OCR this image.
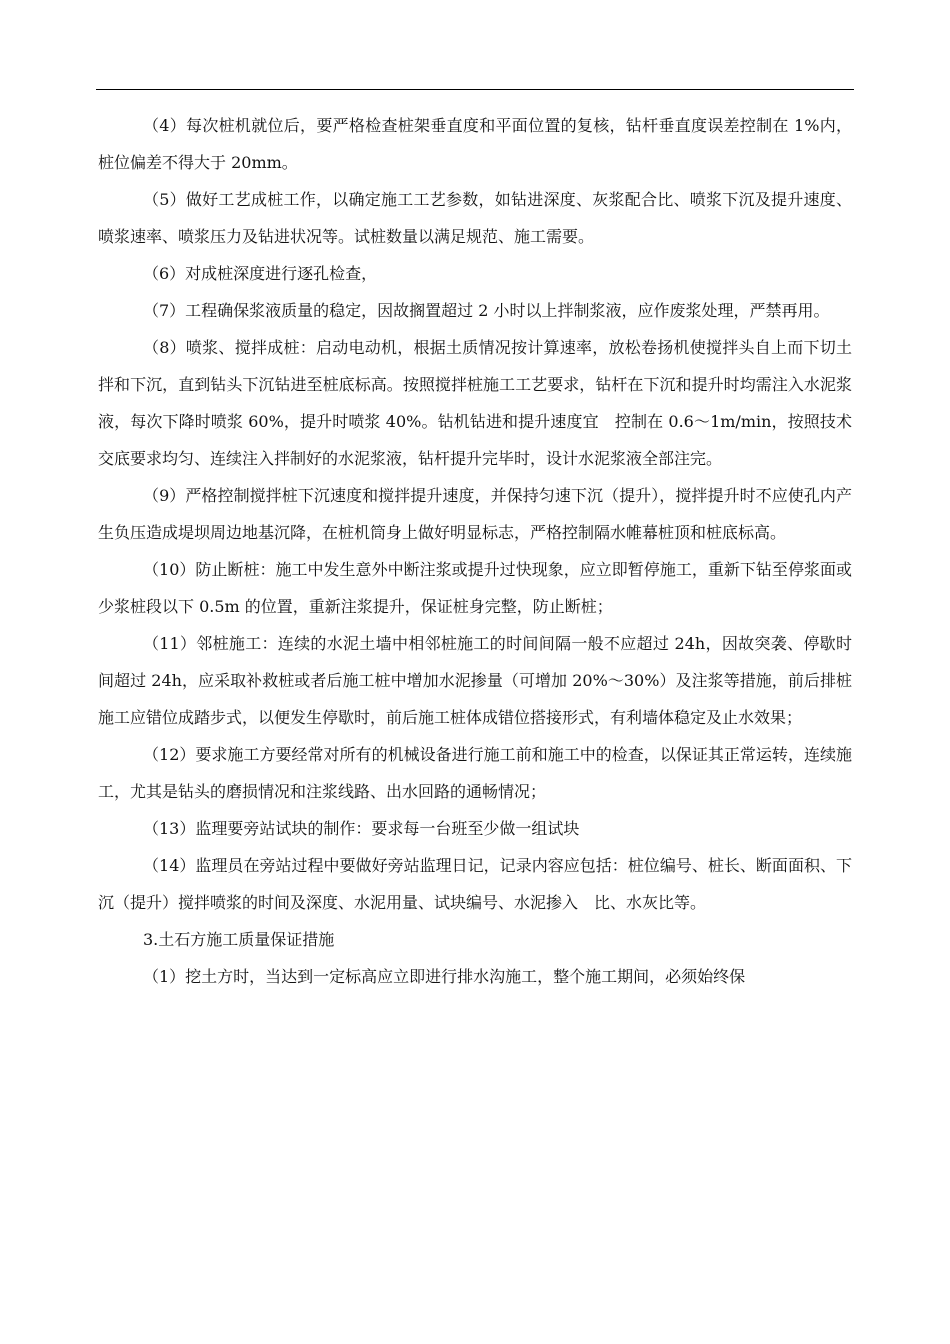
（4）每次桩机就位后，要严格检查桩架垂直度和平面位置的复核，钻杆垂直度误差控制在 1%内，桩位偏差不得大于 20mm。

（5）做好工艺成桩工作，以确定施工工艺参数，如钻进深度、灰浆配合比、喷浆下沉及提升速度、喷浆速率、喷浆压力及钻进状况等。试桩数量以满足规范、施工需要。

（6）对成桩深度进行逐孔检查，

（7）工程确保浆液质量的稳定，因故搁置超过 2 小时以上拌制浆液，应作废浆处理，严禁再用。

（8）喷浆、搅拌成桩：启动电动机，根据土质情况按计算速率，放松卷扬机使搅拌头自上而下切土拌和下沉，直到钻头下沉钻进至桩底标高。按照搅拌桩施工工艺要求，钻杆在下沉和提升时均需注入水泥浆液，每次下降时喷浆 60%，提升时喷浆 40%。钻机钻进和提升速度宜　控制在 0.6～1m/min，按照技术交底要求均匀、连续注入拌制好的水泥浆液，钻杆提升完毕时，设计水泥浆液全部注完。

（9）严格控制搅拌桩下沉速度和搅拌提升速度，并保持匀速下沉（提升），搅拌提升时不应使孔内产生负压造成堤坝周边地基沉降，在桩机筒身上做好明显标志，严格控制隔水帷幕桩顶和桩底标高。

（10）防止断桩：施工中发生意外中断注浆或提升过快现象，应立即暂停施工，重新下钻至停浆面或少浆桩段以下 0.5m 的位置，重新注浆提升，保证桩身完整，防止断桩；

（11）邻桩施工：连续的水泥土墙中相邻桩施工的时间间隔一般不应超过 24h，因故突袭、停歇时间超过 24h，应采取补救桩或者后施工桩中增加水泥掺量（可增加 20%～30%）及注浆等措施，前后排桩施工应错位成踏步式，以便发生停歇时，前后施工桩体成错位搭接形式，有利墙体稳定及止水效果；

（12）要求施工方要经常对所有的机械设备进行施工前和施工中的检查，以保证其正常运转，连续施工，尤其是钻头的磨损情况和注浆线路、出水回路的通畅情况；

（13）监理要旁站试块的制作：要求每一台班至少做一组试块

（14）监理员在旁站过程中要做好旁站监理日记，记录内容应包括：桩位编号、桩长、断面面积、下沉（提升）搅拌喷浆的时间及深度、水泥用量、试块编号、水泥掺入　比、水灰比等。

3.土石方施工质量保证措施

（1）挖土方时，当达到一定标高应立即进行排水沟施工，整个施工期间，必须始终保
